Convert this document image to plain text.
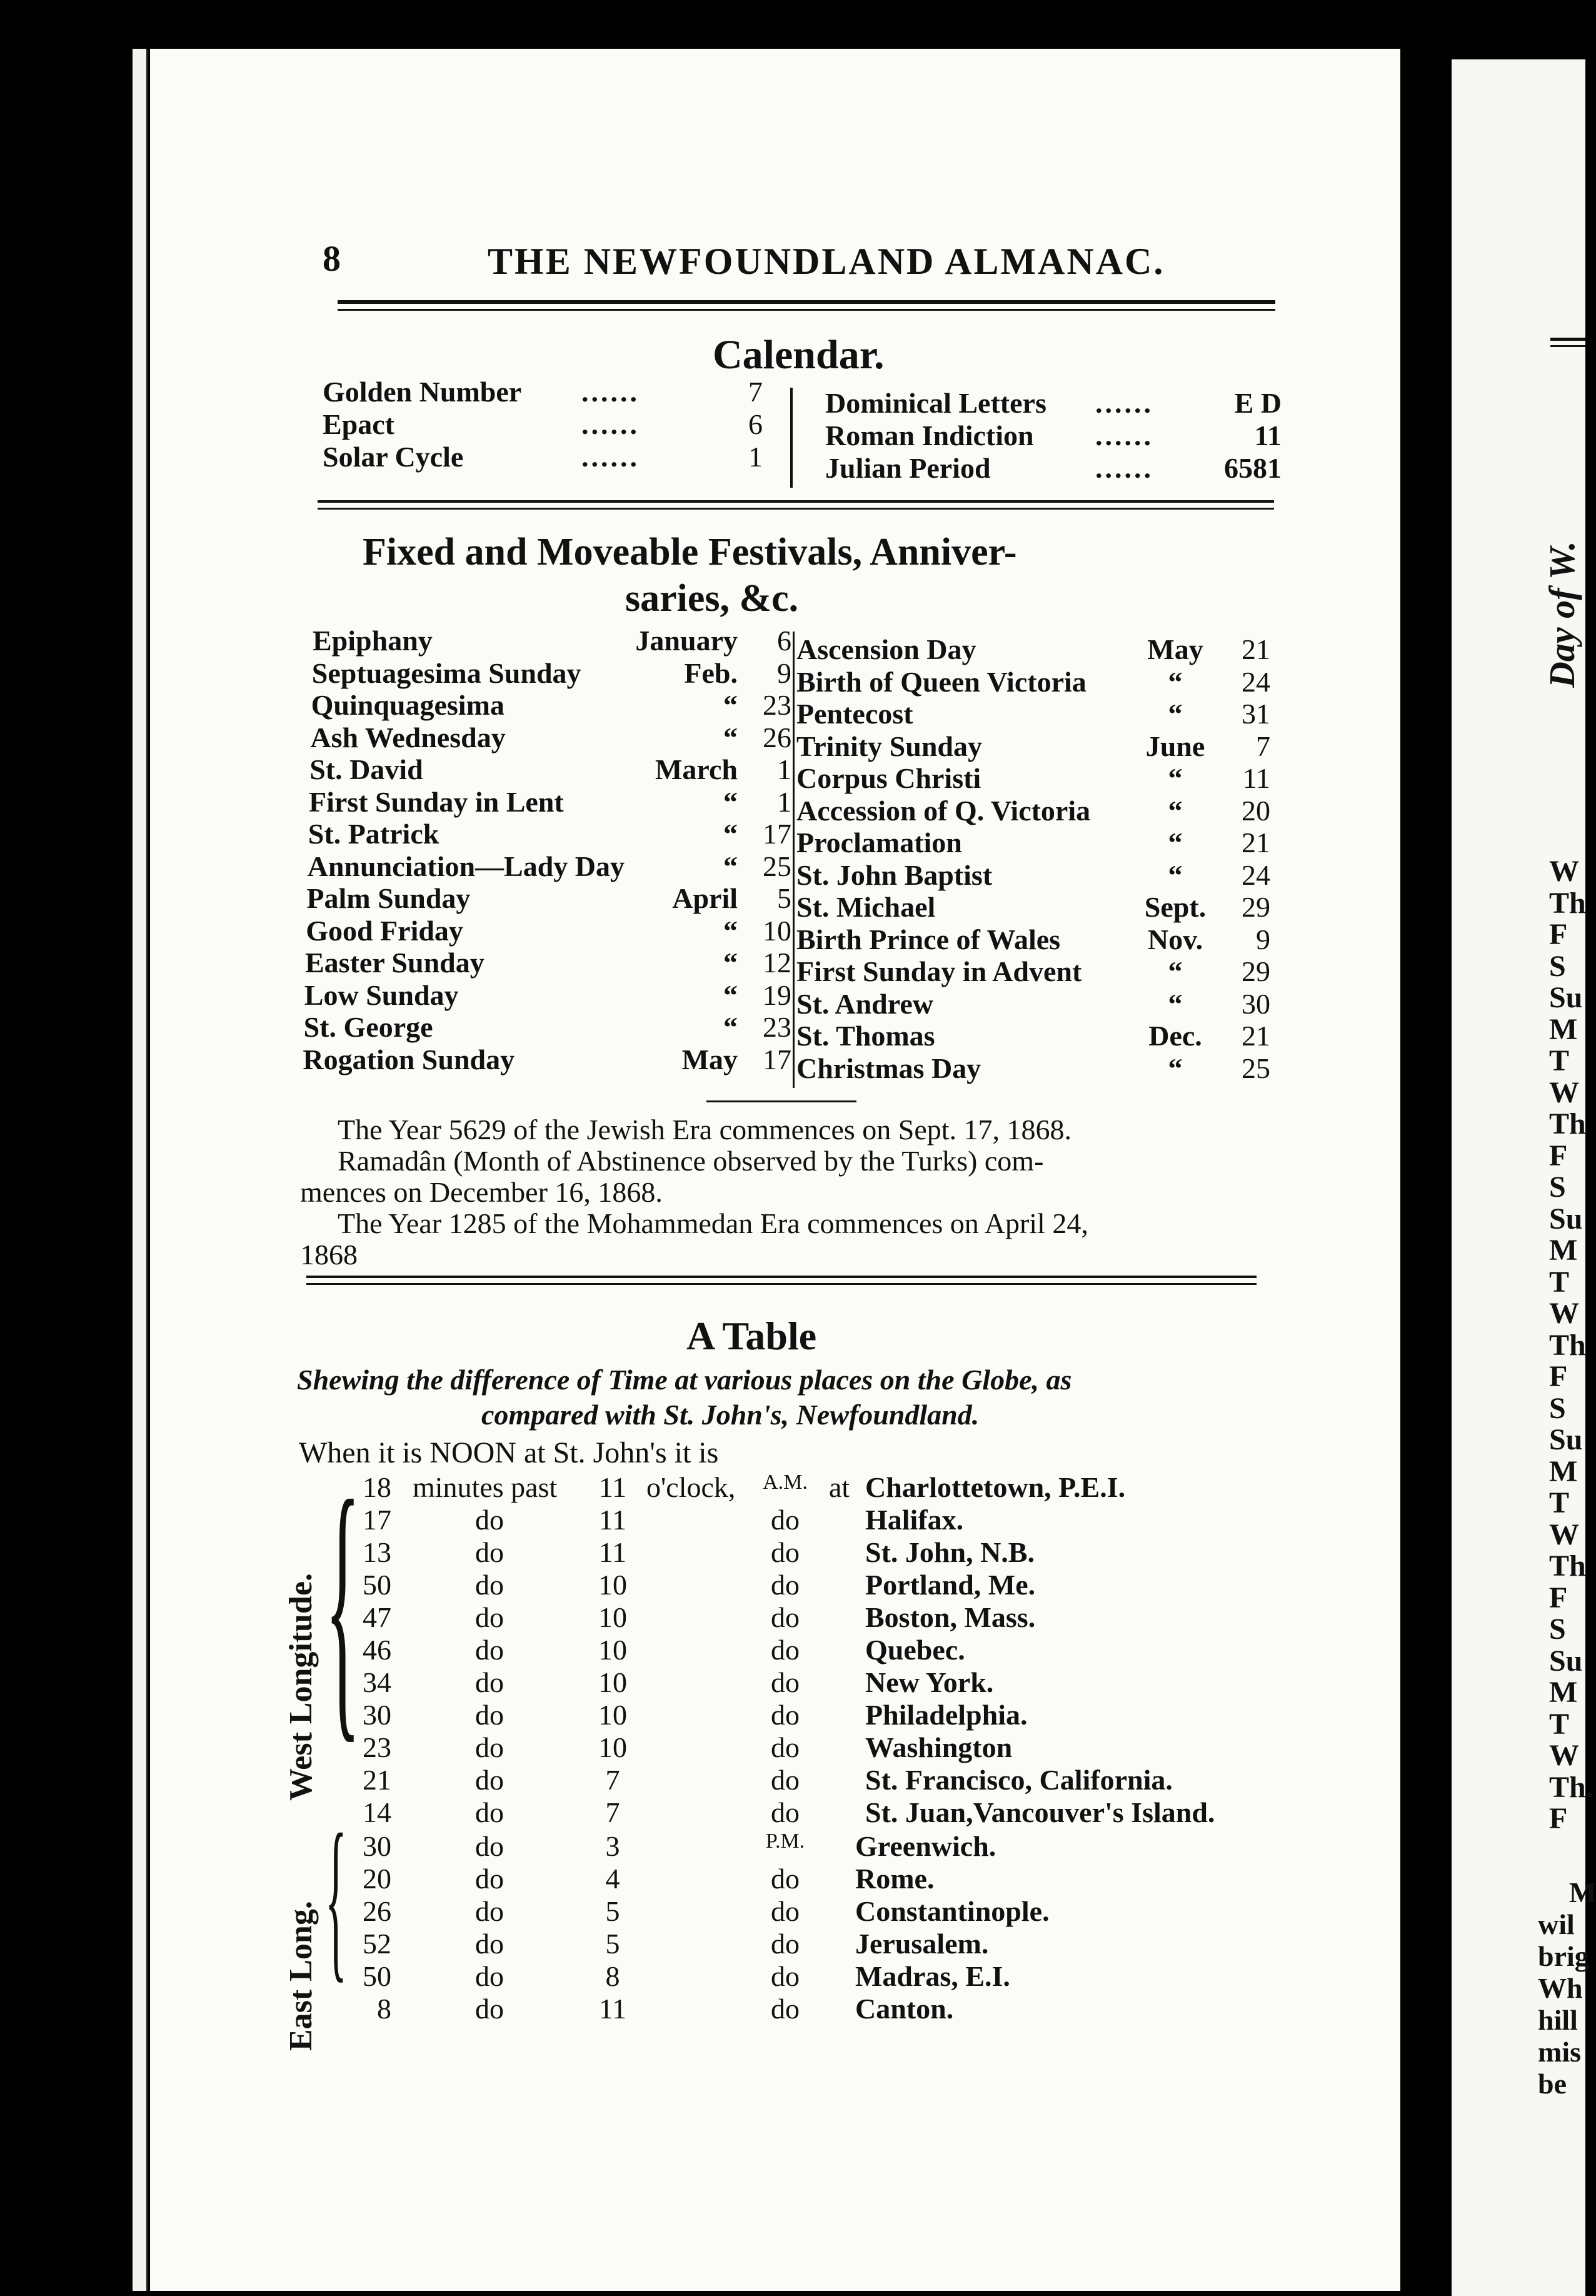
8	THE NEWFOUNDLAND ALMANAC.
Calendar.
Golden Number ......	7
Epact	......	6
Solar Cycle	......	1
Dominical Letters ......	E D
Roman Indiction ......	11
Julian Period	......	6581
Fixed and Moveable Festivals, Anniver-
saries, &c.
Epiphany	January	6
Septuagesima Sunday	Feb.	9
Quinquagesima	“ 23
Ash Wednesday	“ 26
St. David	March	1
First Sunday in Lent	“	1
St. Patrick	“ 17
Annunciation—Lady Day	“ 25
Palm Sunday	April	5
Good Friday	“ 10
Easter Sunday	“ 12
Low Sunday	“ 19
St. George	“ 23
Rogation Sunday	May 17
Ascension Day	May	21
Birth of Queen Victoria	“	24
Pentecost	“	31
Trinity Sunday	June	7
Corpus Christi	“	11
Accession of Q. Victoria	“	20
Proclamation	“	21
St. John Baptist	“	24
St. Michael	Sept.	29
Birth Prince of Wales	Nov.	9
First Sunday in Advent	“	29
St. Andrew	“	30
St. Thomas	Dec.	21
Christmas Day	“	25
The Year 5629 of the Jewish Era commences on Sept. 17, 1868.
Ramadân (Month of Abstinence observed by the Turks) com-
mences on December 16, 1868.
The Year 1285 of the Mohammedan Era commences on April 24,
1868
A Table
Shewing the difference of Time at various places on the Globe, as
compared with St. John's, Newfoundland.
When it is NOON at St. John's it is
West Longitude.
East Long.
{
{
18 minutes past	11 o'clock,	A.M. at Charlottetown, P.E.I.
17	do	11	do	Halifax.
13	do	11	do	St. John, N.B.
50	do	10	do	Portland, Me.
47	do	10	do	Boston, Mass.
46	do	10	do	Quebec.
34	do	10	do	New York.
30	do	10	do	Philadelphia.
23	do	10	do	Washington
21	do	7	do	St. Francisco, California.
14	do	7	do	St. Juan,Vancouver's Island.
30	do	3	P.M.	Greenwich.
20	do	4	do	Rome.
26	do	5	do	Constantinople.
52	do	5	do	Jerusalem.
50	do	8	do	Madras, E.I.
8	do	11	do	Canton.
Day of W.
W
Th
F
S
Su
M
T
W
Th
F
S
Su
M
T
W
Th
F
S
Su
M
T
W
Th
F
S
Su
M
T
W
Th.
F
M
wil
brig
Wh
hill
mis
be
